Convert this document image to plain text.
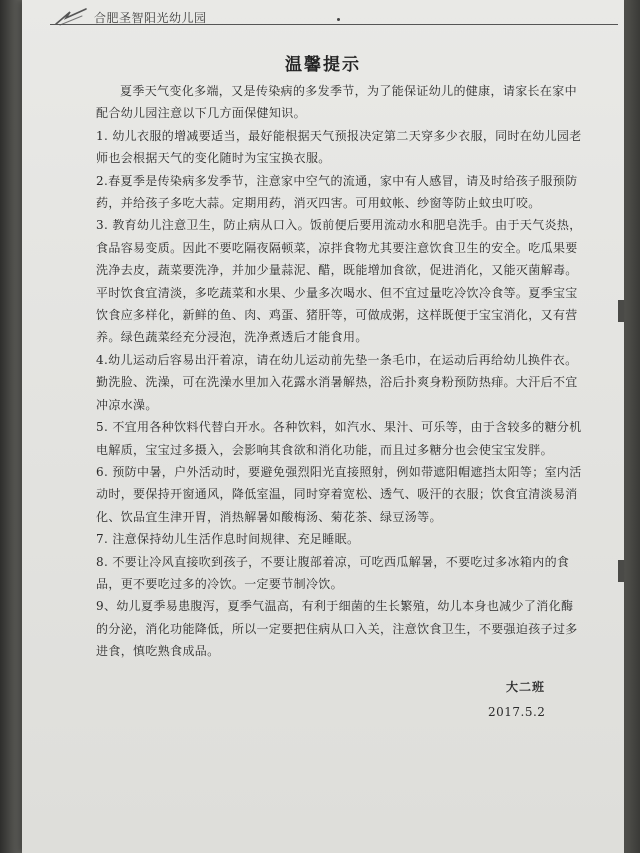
合肥圣智阳光幼儿园
温馨提示

夏季天气变化多端，又是传染病的多发季节，为了能保证幼儿的健康，请家长在家中配合幼儿园注意以下几方面保健知识。

1. 幼儿衣服的增减要适当，最好能根据天气预报决定第二天穿多少衣服，同时在幼儿园老师也会根据天气的变化随时为宝宝换衣服。

2.春夏季是传染病多发季节，注意家中空气的流通，家中有人感冒，请及时给孩子服预防药，并给孩子多吃大蒜。定期用药，消灭四害。可用蚊帐、纱窗等防止蚊虫叮咬。

3. 教育幼儿注意卫生，防止病从口入。饭前便后要用流动水和肥皂洗手。由于天气炎热，食品容易变质。因此不要吃隔夜隔顿菜，凉拌食物尤其要注意饮食卫生的安全。吃瓜果要洗净去皮，蔬菜要洗净，并加少量蒜泥、醋，既能增加食欲，促进消化，又能灭菌解毒。平时饮食宜清淡，多吃蔬菜和水果、少量多次喝水、但不宜过量吃冷饮冷食等。夏季宝宝饮食应多样化，新鲜的鱼、肉、鸡蛋、猪肝等，可做成粥，这样既便于宝宝消化，又有营养。绿色蔬菜经充分浸泡，洗净煮透后才能食用。

4.幼儿运动后容易出汗着凉，请在幼儿运动前先垫一条毛巾，在运动后再给幼儿换件衣。勤洗脸、洗澡，可在洗澡水里加入花露水消暑解热，浴后扑爽身粉预防热痱。大汗后不宜冲凉水澡。

5. 不宜用各种饮料代替白开水。各种饮料，如汽水、果汁、可乐等，由于含较多的糖分机电解质，宝宝过多摄入，会影响其食欲和消化功能，而且过多糖分也会使宝宝发胖。

6. 预防中暑，户外活动时，要避免强烈阳光直接照射，例如带遮阳帽遮挡太阳等；室内活动时，要保持开窗通风，降低室温，同时穿着宽松、透气、吸汗的衣服；饮食宜清淡易消化、饮品宜生津开胃，消热解暑如酸梅汤、菊花茶、绿豆汤等。

7. 注意保持幼儿生活作息时间规律、充足睡眠。

8. 不要让冷风直接吹到孩子，不要让腹部着凉，可吃西瓜解暑，不要吃过多冰箱内的食品，更不要吃过多的冷饮。一定要节制冷饮。

9、幼儿夏季易患腹泻，夏季气温高，有利于细菌的生长繁殖，幼儿本身也减少了消化酶的分泌，消化功能降低，所以一定要把住病从口入关，注意饮食卫生，不要强迫孩子过多进食，慎吃熟食成品。

大二班
2017.5.2
